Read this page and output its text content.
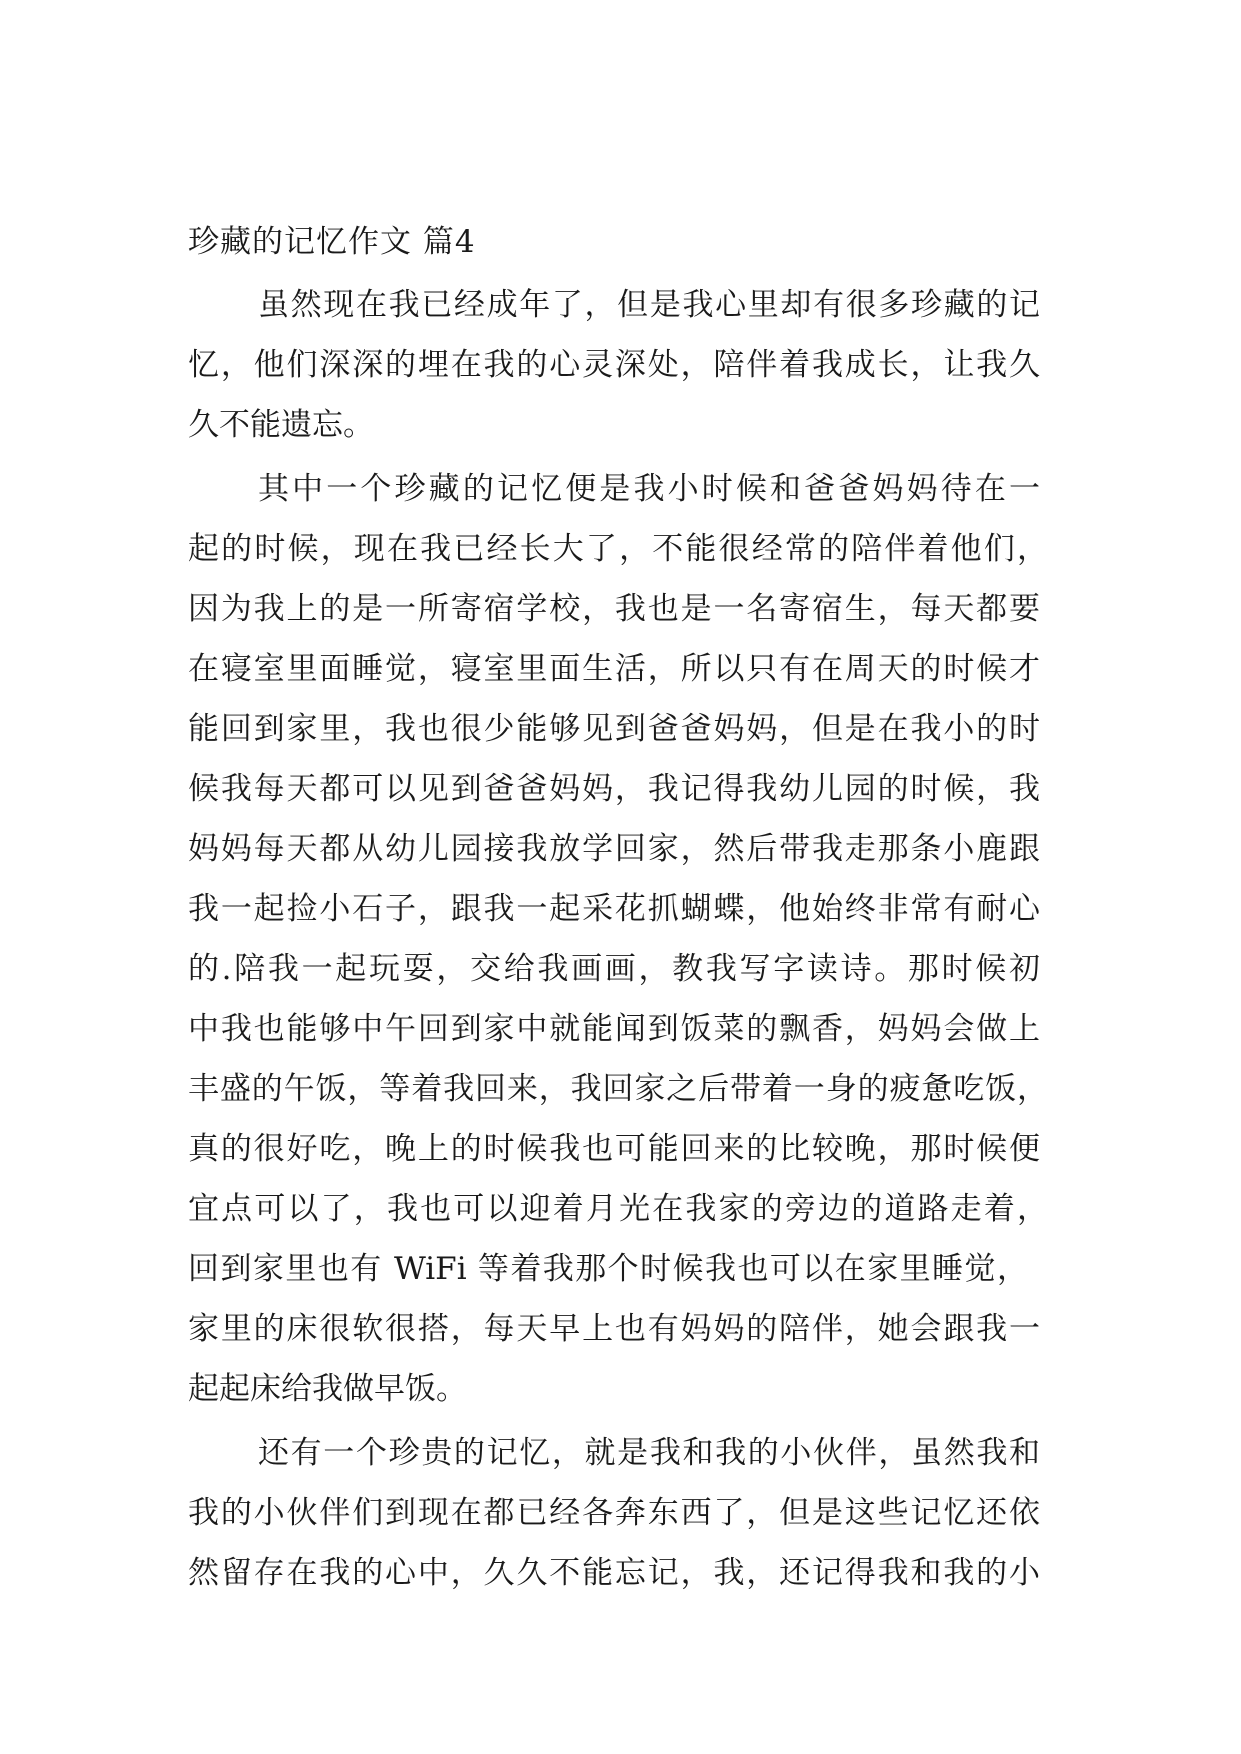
珍藏的记忆作文 篇4
虽然现在我已经成年了，但是我心里却有很多珍藏的记
忆，他们深深的埋在我的心灵深处，陪伴着我成长，让我久
久不能遗忘。
其中一个珍藏的记忆便是我小时候和爸爸妈妈待在一
起的时候，现在我已经长大了，不能很经常的陪伴着他们，
因为我上的是一所寄宿学校，我也是一名寄宿生，每天都要
在寝室里面睡觉，寝室里面生活，所以只有在周天的时候才
能回到家里，我也很少能够见到爸爸妈妈，但是在我小的时
候我每天都可以见到爸爸妈妈，我记得我幼儿园的时候，我
妈妈每天都从幼儿园接我放学回家，然后带我走那条小鹿跟
我一起捡小石子，跟我一起采花抓蝴蝶，他始终非常有耐心
的.陪我一起玩耍，交给我画画，教我写字读诗。那时候初
中我也能够中午回到家中就能闻到饭菜的飘香，妈妈会做上
丰盛的午饭，等着我回来，我回家之后带着一身的疲惫吃饭，
真的很好吃，晚上的时候我也可能回来的比较晚，那时候便
宜点可以了，我也可以迎着月光在我家的旁边的道路走着，
回到家里也有 WiFi 等着我那个时候我也可以在家里睡觉，
家里的床很软很搭，每天早上也有妈妈的陪伴，她会跟我一
起起床给我做早饭。
还有一个珍贵的记忆，就是我和我的小伙伴，虽然我和
我的小伙伴们到现在都已经各奔东西了，但是这些记忆还依
然留存在我的心中，久久不能忘记，我，还记得我和我的小
